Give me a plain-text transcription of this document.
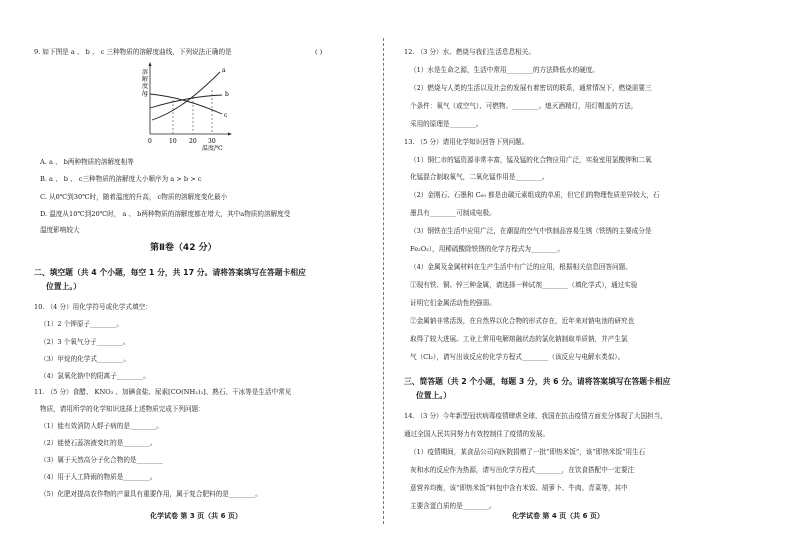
9. 如下图是 a 、 b 、 c 三种物质的溶解度曲线，下列说法正确的是	( )
溶
解
度
/g
0	10 20 30
温度/℃
a
b
c
A. a 、 b两种物质的溶解度相等
B. a 、 b 、 c三种物质的溶解度大小顺序为 a > b > c
C. 从0℃到30℃时，随着温度的升高， c物质的溶解度变化最小
D. 温度从10℃到20℃时， a 、 b两种物质的溶解度都在增大，其中a物质的溶解度受
温度影响较大
第Ⅱ卷（42 分）
二、填空题（共 4 个小题，每空 1 分，共 17 分。请将答案填写在答题卡相应
位置上。）
10. （4 分）用化学符号或化学式填空：
（1）2 个钾原子________。
（2）3 个氧气分子________。
（3）甲烷的化学式________。
（4）氯氧化钠中的阳离子________。
11. （5 分）食醋、 KNO₃ 、加碘食盐、尿素[CO(NH₂)₂]、熟石、干冰等是生活中常见
物质，请用所学的化学知识选择上述物质完成下列问题：
（1）能有效消防人蜉子病的是________。
（2）能使石蕊溶液变红的是________。
（3）属于天然高分子化合物的是________
（4）用于人工降雨的物质是________。
（5）化肥对提高农作物的产量具有重要作用，属于复合肥料的是________。
化学试卷 第 3 页（共 6 页）
12. （3 分）水、燃烧与我们生活息息相关。
（1）水是生命之源，生活中常用________的方法降低水的硬度。
（2）燃烧与人类的生活以及社会的发展有着密切的联系，通常情况下，燃烧需要三
个条件：氧气（或空气）、可燃物、________。熄灭酒精灯，用灯帽盖的方法，
采用的原理是________。
13. （5 分）请用化学知识回答下列问题。
（1）铜仁市的锰资源非常丰富，锰及锰的化合物应用广泛，实验室用氯酸钾和二氧
化锰混合制取氧气，二氧化锰作用是________。
（2）金刚石、石墨和 C₆₀ 都是由碳元素组成的单质，但它们的物理性质差异较大，石
墨具有________可制成电极。
（3）钢铁在生活中应用广泛，在潮湿的空气中铁制品容易生锈（铁锈的主要成分是
Fe₂O₃），用稀硫酸除铁锈的化学方程式为________。
（4）金属及金属材料在生产生活中有广泛的应用，根据相关信息回答问题。
①现有铁、铜、锌三种金属，请选择一种试剂________（填化学式），通过实验
证明它们金属活动性的强弱。
②金属钠非常活泼，在自然界以化合物的形式存在，近年来对钠电池的研究也
取得了较大进展。工业上常用电解熔融状态的氯化钠制取单质钠，并产生氯
气（Cl₂），请写出该反应的化学方程式________（该反应与电解水类似）。
三、简答题（共 2 个小题，每题 3 分，共 6 分。请将答案填写在答题卡相应
位置上。）
14. （3 分）今年新型冠状病毒疫情肆虐全球，我国在抗击疫情方面充分体现了大国担当，
通过全国人民共同努力有效控制住了疫情的发展。
（1）疫情期间，某食品公司向医院捐赠了一批“即热米饭”，该“即热米饭”用生石
灰和水的反应作为热源，请写出化学方程式________，在饮食搭配中一定要注
意营养均衡，该“即热米饭”料包中含有米饭、胡萝卜、牛肉、青菜等，其中
主要含蛋白质的是________。
化学试卷 第 4 页（共 6 页）
